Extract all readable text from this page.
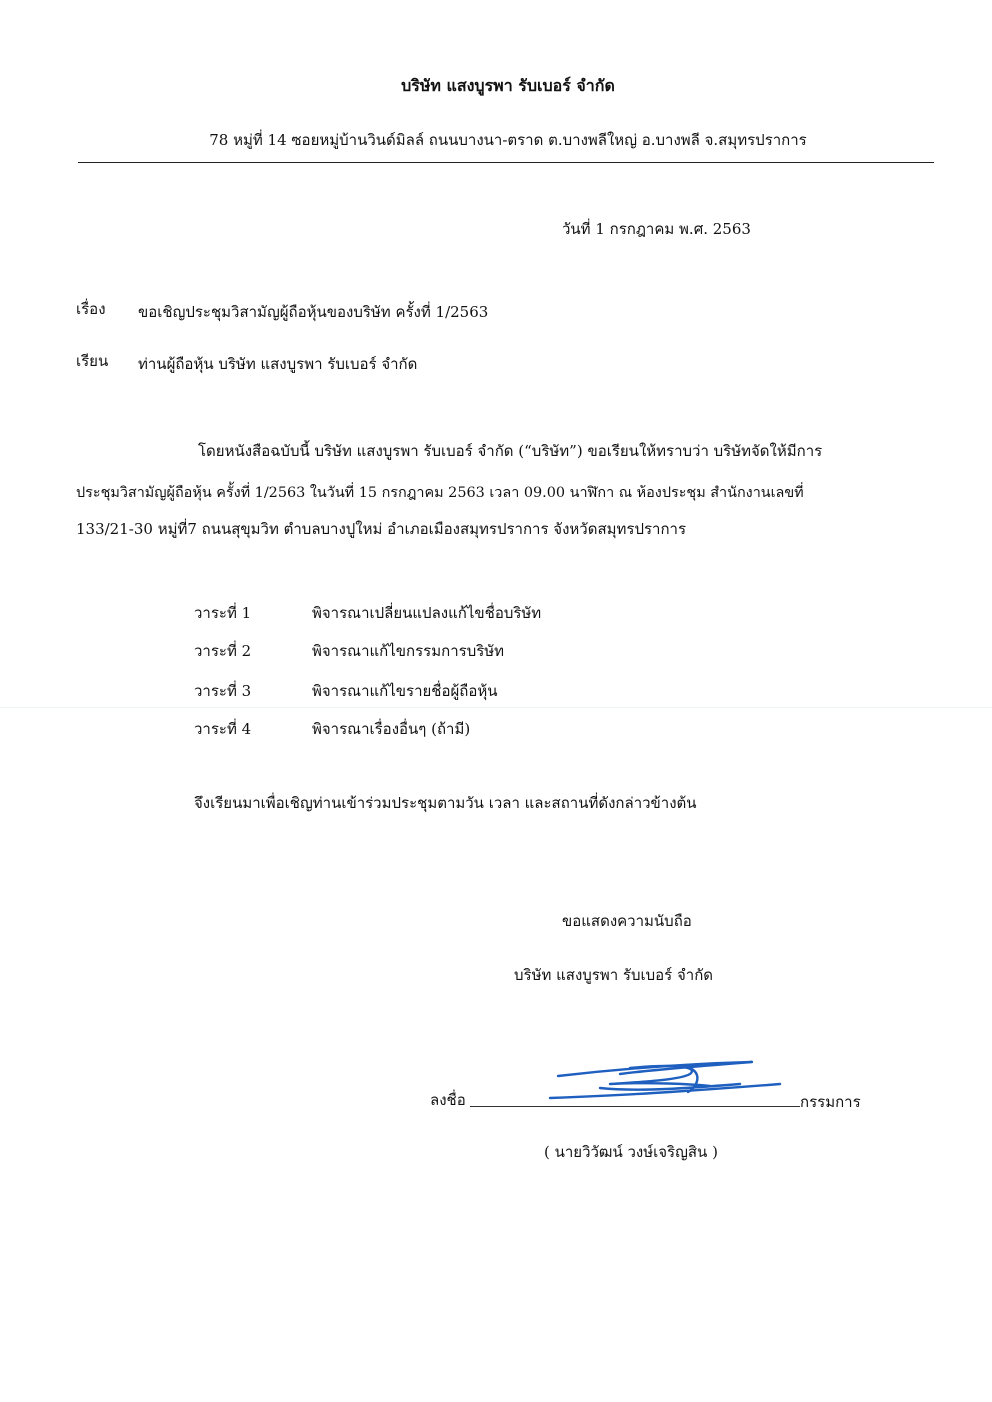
บริษัท แสงบูรพา รับเบอร์ จำกัด
78 หมู่ที่ 14 ซอยหมู่บ้านวินด์มิลล์ ถนนบางนา-ตราด ต.บางพลีใหญ่ อ.บางพลี จ.สมุทรปราการ
วันที่ 1 กรกฎาคม พ.ศ. 2563
เรื่อง ขอเชิญประชุมวิสามัญผู้ถือหุ้นของบริษัท ครั้งที่ 1/2563
เรียน ท่านผู้ถือหุ้น บริษัท แสงบูรพา รับเบอร์ จำกัด
โดยหนังสือฉบับนี้ บริษัท แสงบูรพา รับเบอร์ จำกัด (“บริษัท”) ขอเรียนให้ทราบว่า บริษัทจัดให้มีการ
ประชุมวิสามัญผู้ถือหุ้น ครั้งที่ 1/2563 ในวันที่ 15 กรกฎาคม 2563 เวลา 09.00 นาฬิกา ณ ห้องประชุม สำนักงานเลขที่
133/21-30 หมู่ที่7 ถนนสุขุมวิท ตำบลบางปูใหม่ อำเภอเมืองสมุทรปราการ จังหวัดสมุทรปราการ
วาระที่ 1	พิจารณาเปลี่ยนแปลงแก้ไขชื่อบริษัท
วาระที่ 2	พิจารณาแก้ไขกรรมการบริษัท
วาระที่ 3	พิจารณาแก้ไขรายชื่อผู้ถือหุ้น
วาระที่ 4	พิจารณาเรื่องอื่นๆ (ถ้ามี)
จึงเรียนมาเพื่อเชิญท่านเข้าร่วมประชุมตามวัน เวลา และสถานที่ดังกล่าวข้างต้น
ขอแสดงความนับถือ
บริษัท แสงบูรพา รับเบอร์ จำกัด
ลงชื่อ	กรรมการ
( นายวิวัฒน์ วงษ์เจริญสิน )
